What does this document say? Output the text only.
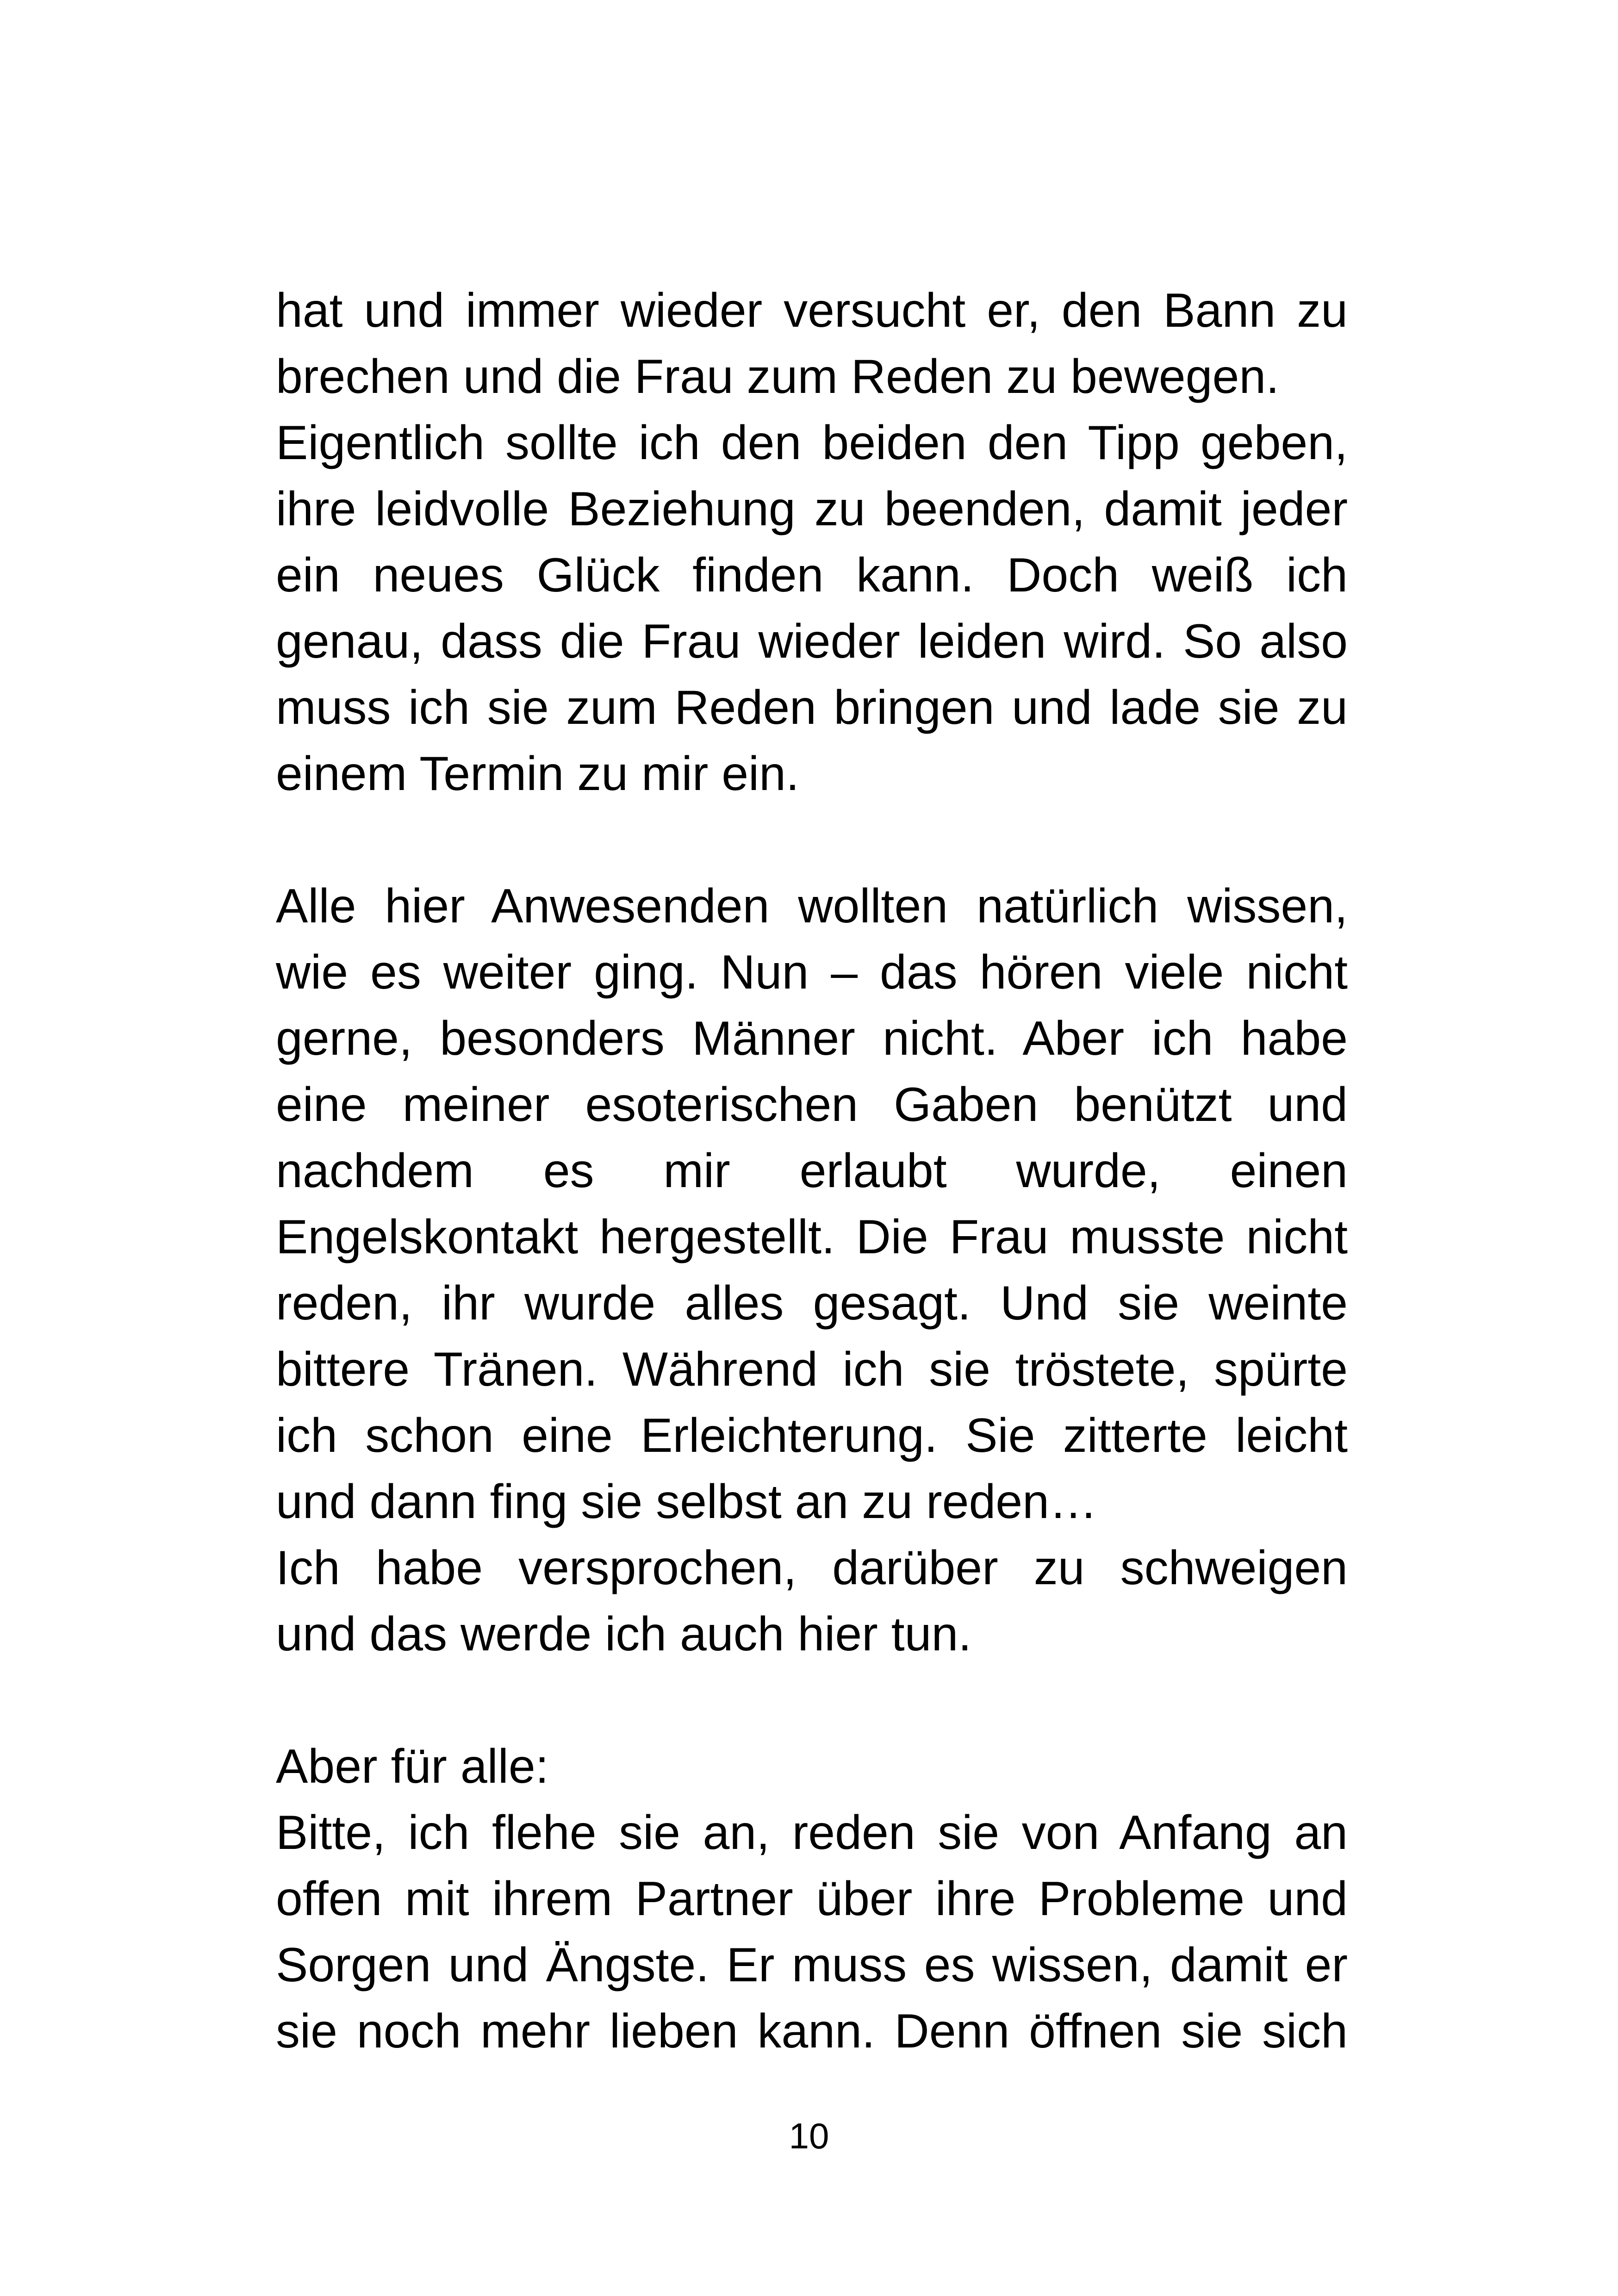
hat und immer wieder versucht er, den Bann zu
brechen und die Frau zum Reden zu bewegen.
Eigentlich sollte ich den beiden den Tipp geben,
ihre leidvolle Beziehung zu beenden, damit jeder
ein neues Glück finden kann. Doch weiß ich
genau, dass die Frau wieder leiden wird. So also
muss ich sie zum Reden bringen und lade sie zu
einem Termin zu mir ein.
Alle hier Anwesenden wollten natürlich wissen,
wie es weiter ging. Nun – das hören viele nicht
gerne, besonders Männer nicht. Aber ich habe
eine meiner esoterischen Gaben benützt und
nachdem es mir erlaubt wurde, einen
Engelskontakt hergestellt. Die Frau musste nicht
reden, ihr wurde alles gesagt. Und sie weinte
bittere Tränen. Während ich sie tröstete, spürte
ich schon eine Erleichterung. Sie zitterte leicht
und dann fing sie selbst an zu reden…
Ich habe versprochen, darüber zu schweigen
und das werde ich auch hier tun.
Aber für alle:
Bitte, ich flehe sie an, reden sie von Anfang an
offen mit ihrem Partner über ihre Probleme und
Sorgen und Ängste. Er muss es wissen, damit er
sie noch mehr lieben kann. Denn öffnen sie sich
10
